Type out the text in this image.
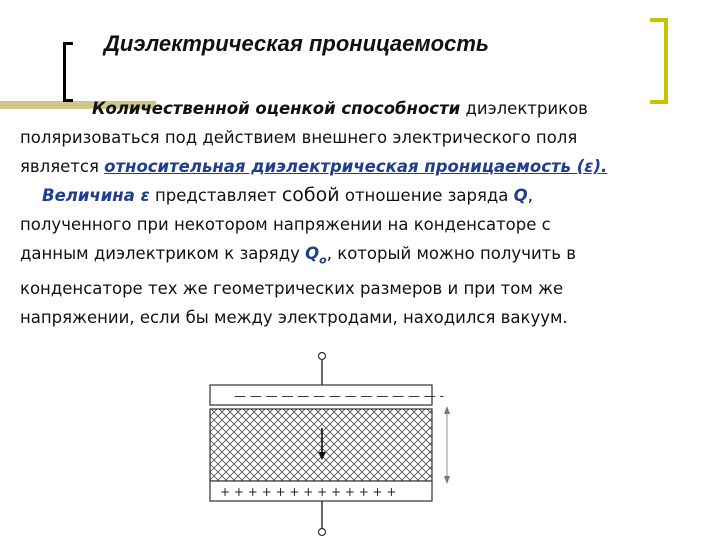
Диэлектрическая проницаемость

Количественной оценкой способности диэлектриков

поляризоваться под действием внешнего электрического поля

является относительная диэлектрическая проницаемость (ε).

Величина ε представляет собой отношение заряда Q,

полученного при некотором напряжении на конденсаторе с

данным диэлектриком к заряду $Q_o$, который можно получить в

конденсаторе тех же геометрических размеров и при том же

напряжении, если бы между электродами, находился вакуум.

— — — — — — — — — — — — — -
+ + + + + + + + + + + + +
